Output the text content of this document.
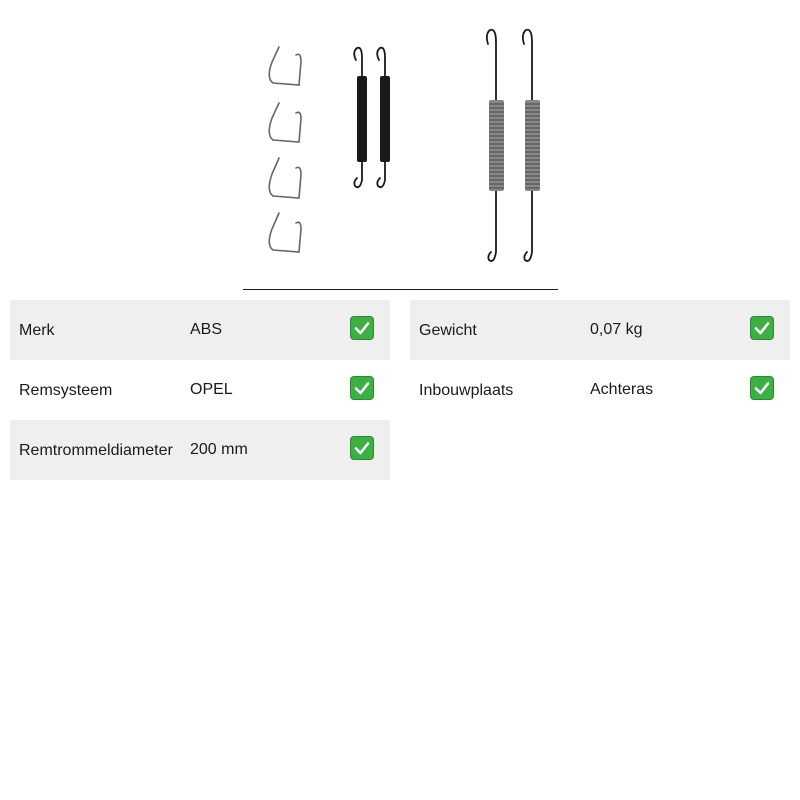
Merk	ABS
Remsysteem	OPEL
Remtrommeldiameter 200 mm
Gewicht	0,07 kg
Inbouwplaats	Achteras
